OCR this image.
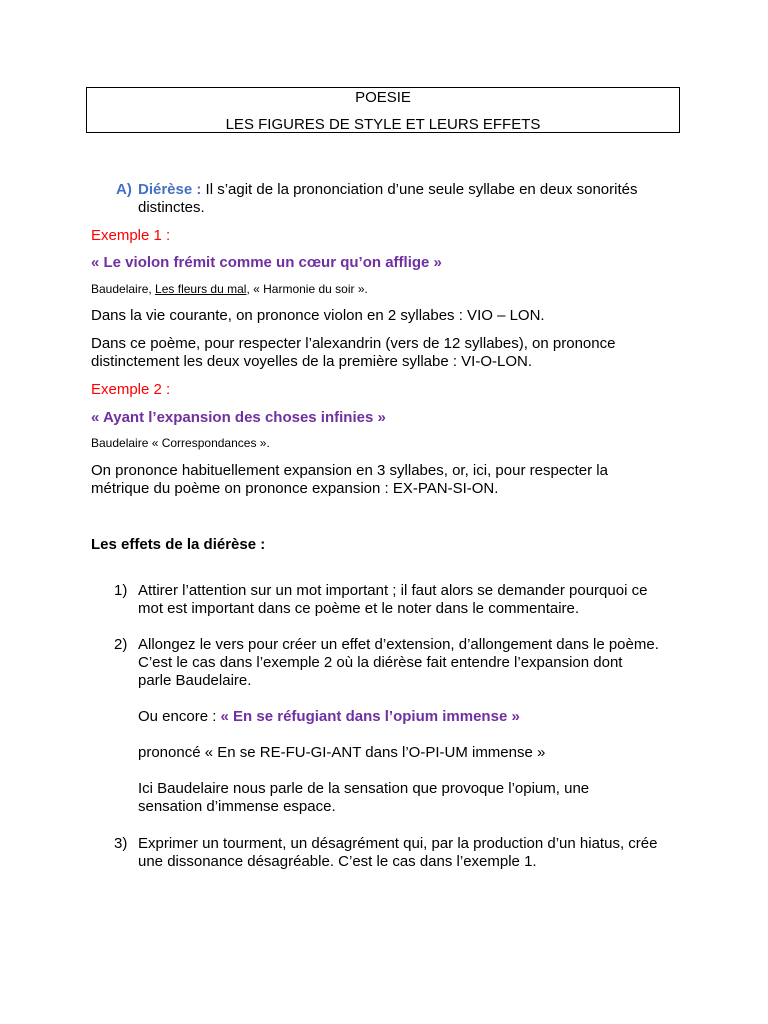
POESIE
LES FIGURES DE STYLE ET LEURS EFFETS
A) Diérèse : Il s’agit de la prononciation d’une seule syllabe en deux sonorités
distinctes.
Exemple 1 :
« Le violon frémit comme un cœur qu’on afflige »
Baudelaire, Les fleurs du mal, « Harmonie du soir ».
Dans la vie courante, on prononce violon en 2 syllabes : VIO – LON.
Dans ce poème, pour respecter l’alexandrin (vers de 12 syllabes), on prononce
distinctement les deux voyelles de la première syllabe : VI-O-LON.
Exemple 2 :
« Ayant l’expansion des choses infinies »
Baudelaire « Correspondances ».
On prononce habituellement expansion en 3 syllabes, or, ici, pour respecter la
métrique du poème on prononce expansion : EX-PAN-SI-ON.
Les effets de la diérèse :
1) Attirer l’attention sur un mot important ; il faut alors se demander pourquoi ce
mot est important dans ce poème et le noter dans le commentaire.
2) Allongez le vers pour créer un effet d’extension, d’allongement dans le poème.
C’est le cas dans l’exemple 2 où la diérèse fait entendre l’expansion dont
parle Baudelaire.
Ou encore : « En se réfugiant dans l’opium immense »
prononcé « En se RE-FU-GI-ANT dans l’O-PI-UM immense »
Ici Baudelaire nous parle de la sensation que provoque l’opium, une
sensation d’immense espace.
3) Exprimer un tourment, un désagrément qui, par la production d’un hiatus, crée
une dissonance désagréable. C’est le cas dans l’exemple 1.
